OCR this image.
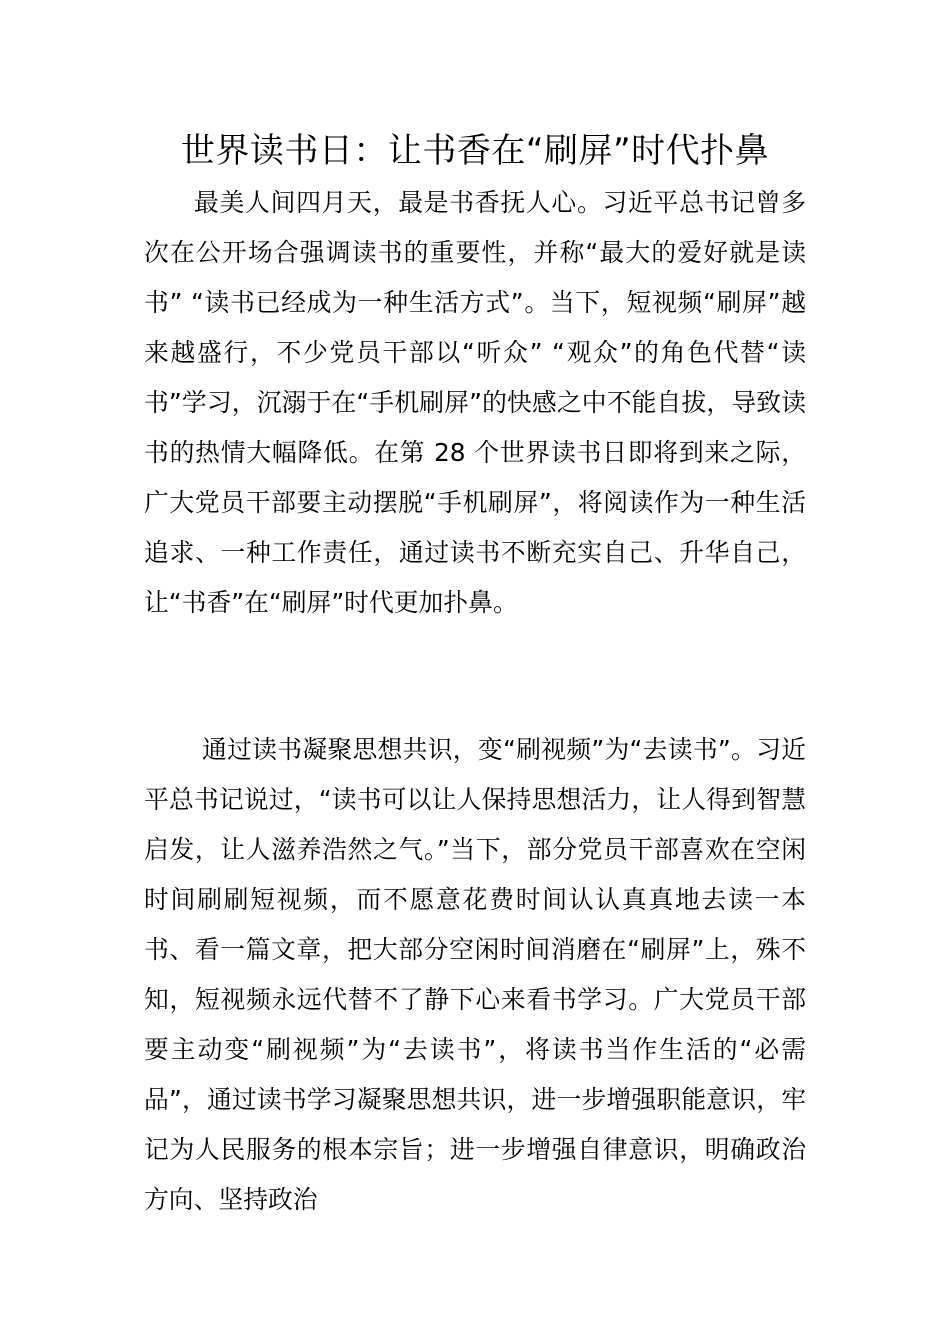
世界读书日：让书香在“刷屏”时代扑鼻
最美人间四月天，最是书香抚人心。习近平总书记曾多次在公开场合强调读书的重要性，并称“最大的爱好就是读书” “读书已经成为一种生活方式”。当下，短视频“刷屏”越来越盛行，不少党员干部以“听众” “观众”的角色代替“读书”学习，沉溺于在“手机刷屏”的快感之中不能自拔，导致读书的热情大幅降低。在第 28 个世界读书日即将到来之际，广大党员干部要主动摆脱“手机刷屏”，将阅读作为一种生活追求、一种工作责任，通过读书不断充实自己、升华自己，让“书香”在“刷屏”时代更加扑鼻。
通过读书凝聚思想共识，变“刷视频”为“去读书”。习近平总书记说过，“读书可以让人保持思想活力，让人得到智慧启发，让人滋养浩然之气。”当下，部分党员干部喜欢在空闲时间刷刷短视频，而不愿意花费时间认认真真地去读一本书、看一篇文章，把大部分空闲时间消磨在“刷屏”上，殊不知，短视频永远代替不了静下心来看书学习。广大党员干部要主动变“刷视频”为“去读书”，将读书当作生活的“必需品”，通过读书学习凝聚思想共识，进一步增强职能意识，牢记为人民服务的根本宗旨；进一步增强自律意识，明确政治方向、坚持政治
